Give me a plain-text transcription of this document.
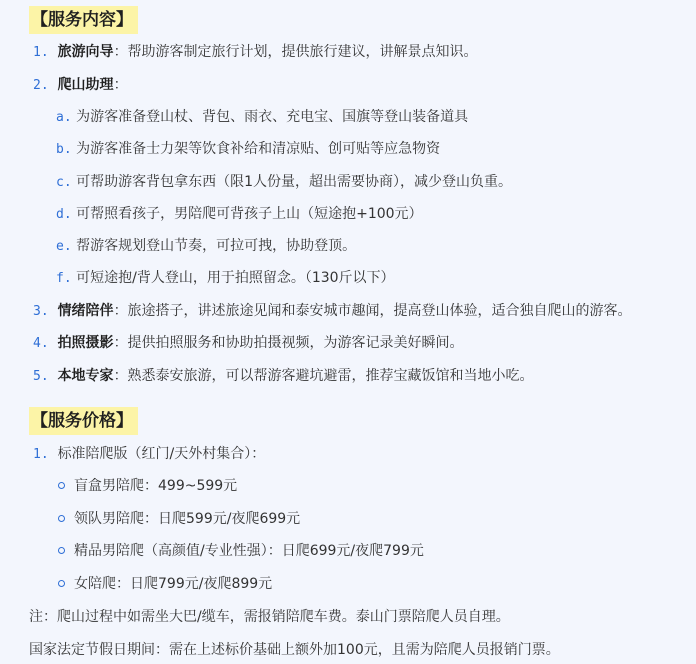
【服务内容】
1. 旅游向导：帮助游客制定旅行计划，提供旅行建议，讲解景点知识。
2. 爬山助理：
a. 为游客准备登山杖、背包、雨衣、充电宝、国旗等登山装备道具
b. 为游客准备士力架等饮食补给和清凉贴、创可贴等应急物资
c. 可帮助游客背包拿东西（限1人份量，超出需要协商），减少登山负重。
d. 可帮照看孩子，男陪爬可背孩子上山（短途抱+100元）
e. 帮游客规划登山节奏，可拉可拽，协助登顶。
f. 可短途抱/背人登山，用于拍照留念。（130斤以下）
3. 情绪陪伴：旅途搭子，讲述旅途见闻和泰安城市趣闻，提高登山体验，适合独自爬山的游客。
4. 拍照摄影：提供拍照服务和协助拍摄视频，为游客记录美好瞬间。
5. 本地专家：熟悉泰安旅游，可以帮游客避坑避雷，推荐宝藏饭馆和当地小吃。
【服务价格】
1. 标准陪爬版（红门/天外村集合）：
盲盒男陪爬：499~599元
领队男陪爬：日爬599元/夜爬699元
精品男陪爬（高颜值/专业性强）：日爬699元/夜爬799元
女陪爬：日爬799元/夜爬899元
注：爬山过程中如需坐大巴/缆车，需报销陪爬车费。泰山门票陪爬人员自理。
国家法定节假日期间：需在上述标价基础上额外加100元，且需为陪爬人员报销门票。
